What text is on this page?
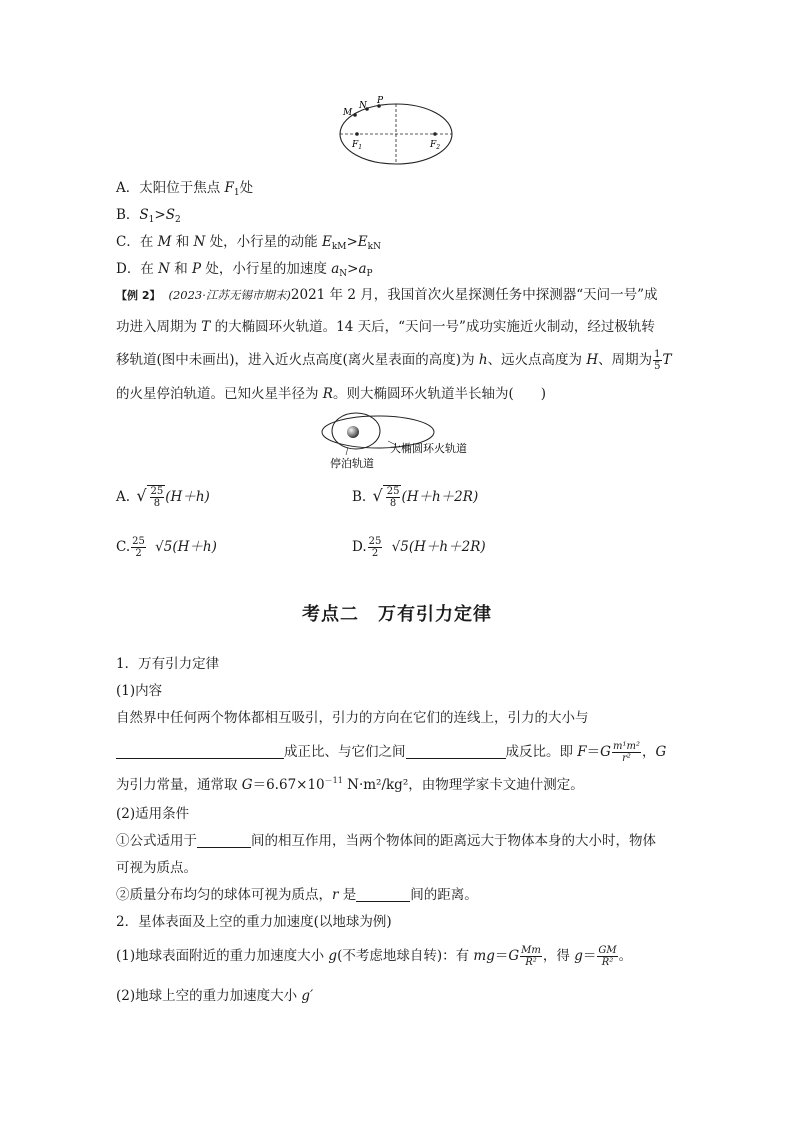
M
N P
$F_1$	$F_2$
A．太阳位于焦点 $F_1$处
B．$S_1>S_2$
C．在 M 和 N 处，小行星的动能 $E_{kM}>E_{kN}$
D．在 N 和 P 处，小行星的加速度 $a_N>a_P$
【例 2】　 (2023·江苏无锡市期末)2021 年 2 月，我国首次火星探测任务中探测器“天问一号”成
功进入周期为 T 的大椭圆环火轨道。14 天后，“天问一号”成功实施近火制动，经过极轨转
移轨道(图中未画出)，进入近火点高度(离火星表面的高度)为 h、远火点高度为 H、周期为 $\frac{1}{5}$ T
的火星停泊轨道。已知火星半径为 R。则大椭圆环火轨道半长轴为(　　)
大椭圆环火轨道
停泊轨道
A. √ $\frac{25}{8} (H+h)$	B. √ $\frac{25}{8} (H+h+2R)$
C. $\frac{25}{2} √5(H+h)$	D. $\frac{25}{2} √5(H+h+2R)$
考点二　万有引力定律
1．万有引力定律
(1)内容
自然界中任何两个物体都相互吸引，引力的方向在它们的连线上，引力的大小与
成正比、与它们之间	成反比。即 $F=G \frac{\text{m¹m²}}{\text{r²}}$ ，G
为引力常量，通常取 $G=6.67\times 10^{-11}$ N·m²/kg²，由物理学家卡文迪什测定。
(2)适用条件
①公式适用于	间的相互作用，当两个物体间的距离远大于物体本身的大小时，物体
可视为质点。
②质量分布均匀的球体可视为质点，r 是	间的距离。
2．星体表面及上空的重力加速度(以地球为例)
(1)地球表面附近的重力加速度大小 g(不考虑地球自转)：有 $mg=G \frac{Mm}{\text{R²}}$ ，得 $g= \frac{GM}{\text{R²}}$ 。
(2)地球上空的重力加速度大小 g′
